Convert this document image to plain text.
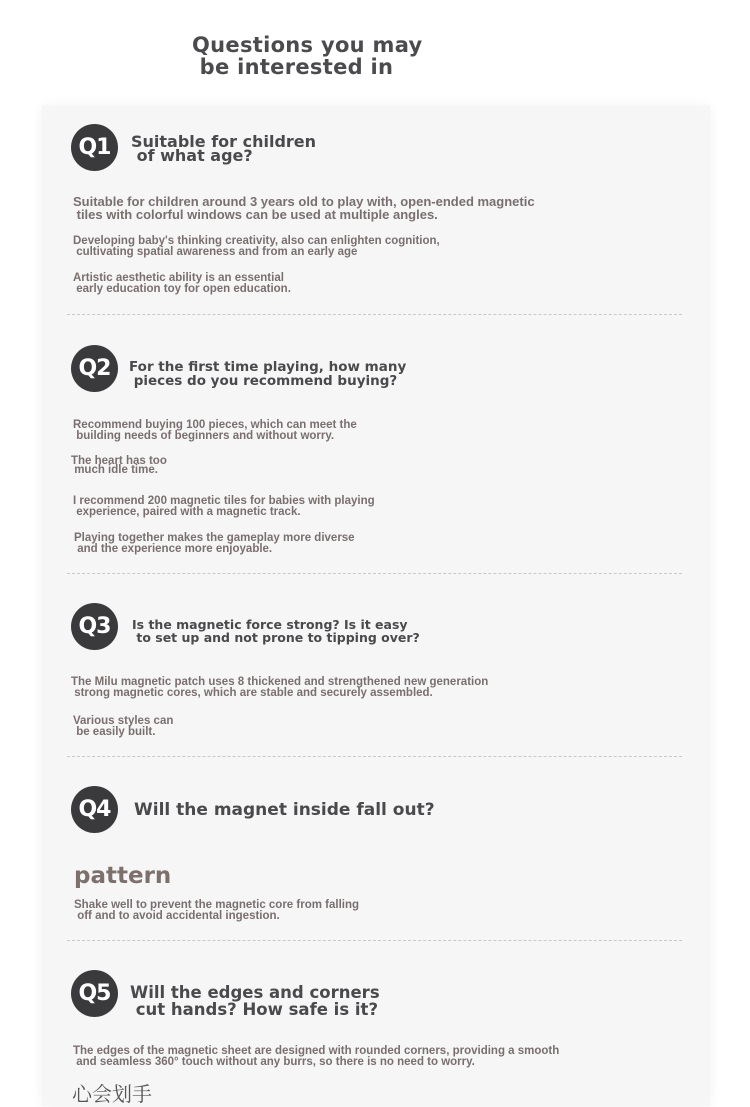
Questions you may
be interested in
Q1	Suitable for children
of what age?
Suitable for children around 3 years old to play with, open-ended magnetic
tiles with colorful windows can be used at multiple angles.
Developing baby's thinking creativity, also can enlighten cognition,
cultivating spatial awareness and from an early age
Artistic aesthetic ability is an essential
early education toy for open education.
Q2	For the first time playing, how many
pieces do you recommend buying?
Recommend buying 100 pieces, which can meet the
building needs of beginners and without worry.
The heart has too
much idle time.
I recommend 200 magnetic tiles for babies with playing
experience, paired with a magnetic track.
Playing together makes the gameplay more diverse
and the experience more enjoyable.
Q3	Is the magnetic force strong? Is it easy
to set up and not prone to tipping over?
The Milu magnetic patch uses 8 thickened and strengthened new generation
strong magnetic cores, which are stable and securely assembled.
Various styles can
be easily built.
Q4	Will the magnet inside fall out?
pattern
Shake well to prevent the magnetic core from falling
off and to avoid accidental ingestion.
Q5	Will the edges and corners
cut hands? How safe is it?
The edges of the magnetic sheet are designed with rounded corners, providing a smooth
and seamless 360° touch without any burrs, so there is no need to worry.
心会划手
